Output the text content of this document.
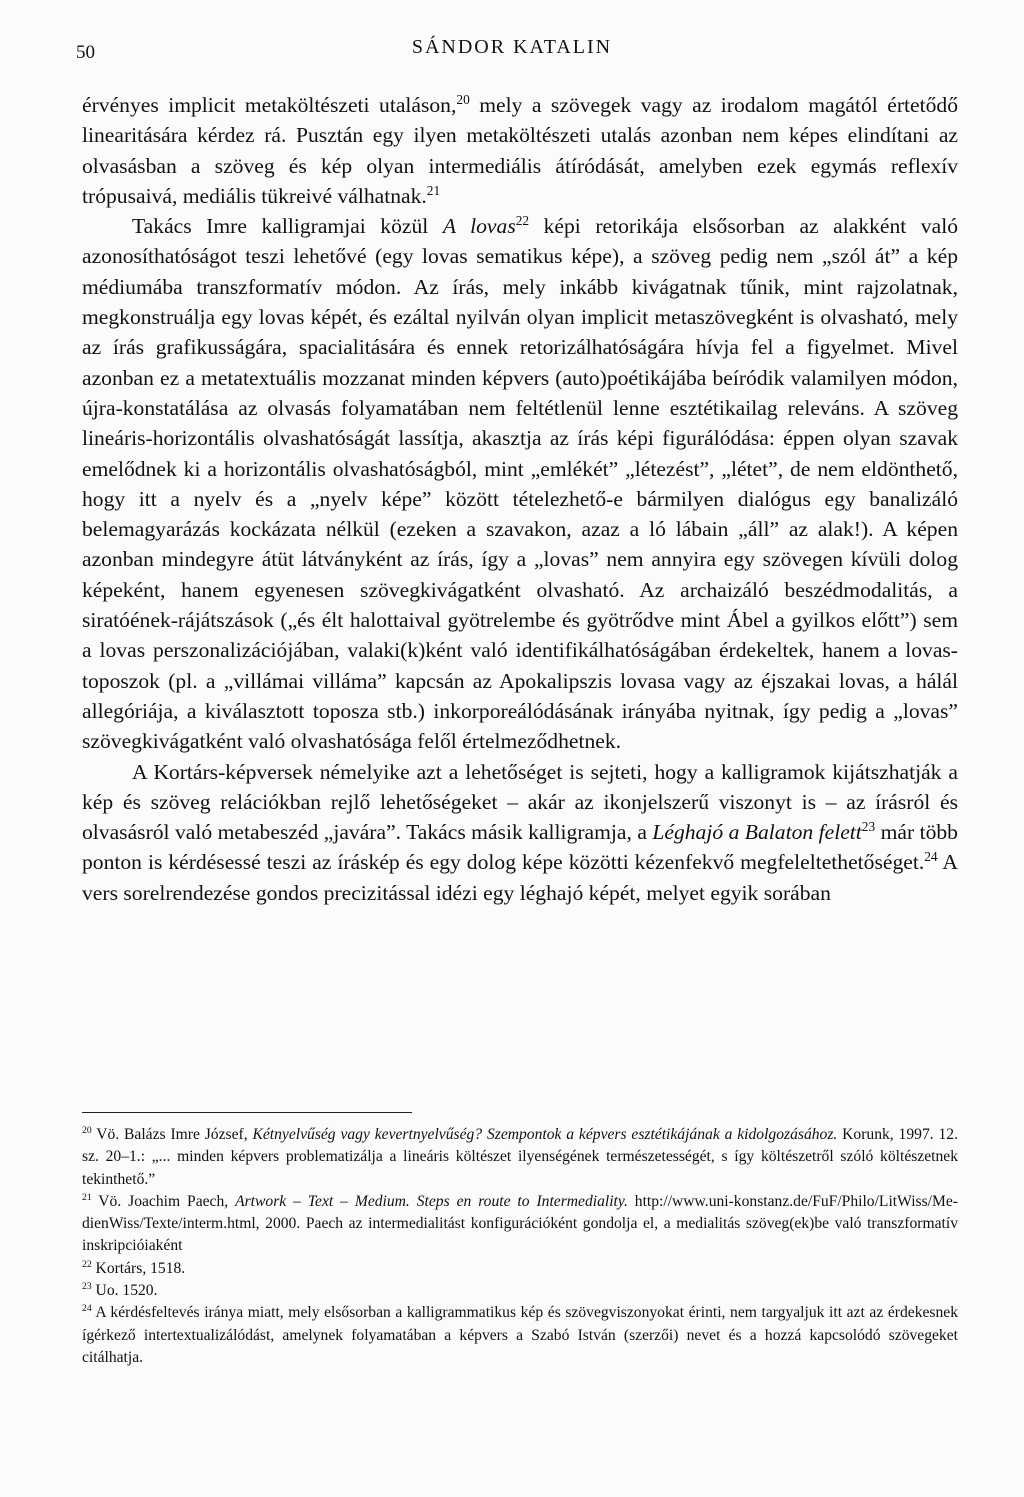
50	SÁNDOR KATALIN

érvényes implicit metaköltészeti utaláson,$^{20}$ mely a szövegek vagy az irodalom magától értetődő linearitására kérdez rá. Pusztán egy ilyen metaköltészeti utalás azonban nem képes elindítani az olvasásban a szöveg és kép olyan intermediális átíródását, amelyben ezek egymás reflexív trópusaivá, mediális tükreivé válhatnak.$^{21}$

Takács Imre kalligramjai közül A lovas$^{22}$ képi retorikája elsősorban az alakként való azonosíthatóságot teszi lehetővé (egy lovas sematikus képe), a szöveg pedig nem „szól át” a kép médiumába transzformatív módon. Az írás, mely inkább kivágatnak tűnik, mint rajzolatnak, megkonstruálja egy lovas képét, és ezáltal nyilván olyan implicit metaszövegként is olvasható, mely az írás grafikusságára, spacialitására és ennek retorizálhatóságára hívja fel a figyelmet. Mivel azonban ez a metatextuális mozzanat minden képvers (auto)poétikájába beíródik valamilyen módon, újra-konstatálása az olvasás folyamatában nem feltétlenül lenne esztétikailag releváns. A szöveg lineáris-horizontális olvashatóságát lassítja, akasztja az írás képi figurálódása: éppen olyan szavak emelődnek ki a horizontális olvashatóságból, mint „emlékét” „létezést”, „létet”, de nem eldönthető, hogy itt a nyelv és a „nyelv képe” között tételezhető-e bármilyen dialógus egy banalizáló belemagyarázás kockázata nélkül (ezeken a szavakon, azaz a ló lábain „áll” az alak!). A képen azonban mindegyre átüt látványként az írás, így a „lovas” nem annyira egy szövegen kívüli dolog képeként, hanem egyenesen szövegkivágatként olvasható. Az archaizáló beszédmodalitás, a siratóének-rájátszások („és élt halottaival gyötrelembe és gyötrődve mint Ábel a gyilkos előtt”) sem a lovas perszonalizációjában, valaki(k)ként való identifikálhatóságában érdekeltek, hanem a lovas-toposzok (pl. a „villámai villáma” kapcsán az Apokalipszis lovasa vagy az éjszakai lovas, a hálál allegóriája, a kiválasztott toposza stb.) inkorporeálódásának irányába nyitnak, így pedig a „lovas” szövegkivágatként való olvashatósága felől értelmeződhetnek.

A Kortárs-képversek némelyike azt a lehetőséget is sejteti, hogy a kalligramok kijátszhatják a kép és szöveg relációkban rejlő lehetőségeket – akár az ikonjelszerű viszonyt is – az írásról és olvasásról való metabeszéd „javára”. Takács másik kalligramja, a Léghajó a Balaton felett$^{23}$ már több ponton is kérdésessé teszi az íráskép és egy dolog képe közötti kézenfekvő megfeleltethetőséget.$^{24}$ A vers sorelrendezése gondos precizitással idézi egy léghajó képét, melyet egyik sorában

$^{20}$ Vö. Balázs Imre József, Kétnyelvűség vagy kevertnyelvűség? Szempontok a képvers esztétikájának a kidolgozásához. Korunk, 1997. 12. sz. 20–1.: „... minden képvers problematizálja a lineáris költészet ilyenségének természetességét, s így költészetről szóló költészetnek tekinthető.”

$^{21}$ Vö. Joachim Paech, Artwork – Text – Medium. Steps en route to Intermediality. http://www.uni-konstanz.de/FuF/Philo/LitWiss/Me-dienWiss/Texte/interm.html, 2000. Paech az intermedialitást konfigurációként gondolja el, a medialitás szöveg(ek)be való transzformatív inskripcióiaként

$^{22}$ Kortárs, 1518.

$^{23}$ Uo. 1520.

$^{24}$ A kérdésfeltevés iránya miatt, mely elsősorban a kalligrammatikus kép és szövegviszonyokat érinti, nem targyaljuk itt azt az érdekesnek ígérkező intertextualizálódást, amelynek folyamatában a képvers a Szabó István (szerzői) nevet és a hozzá kapcsolódó szövegeket citálhatja.
